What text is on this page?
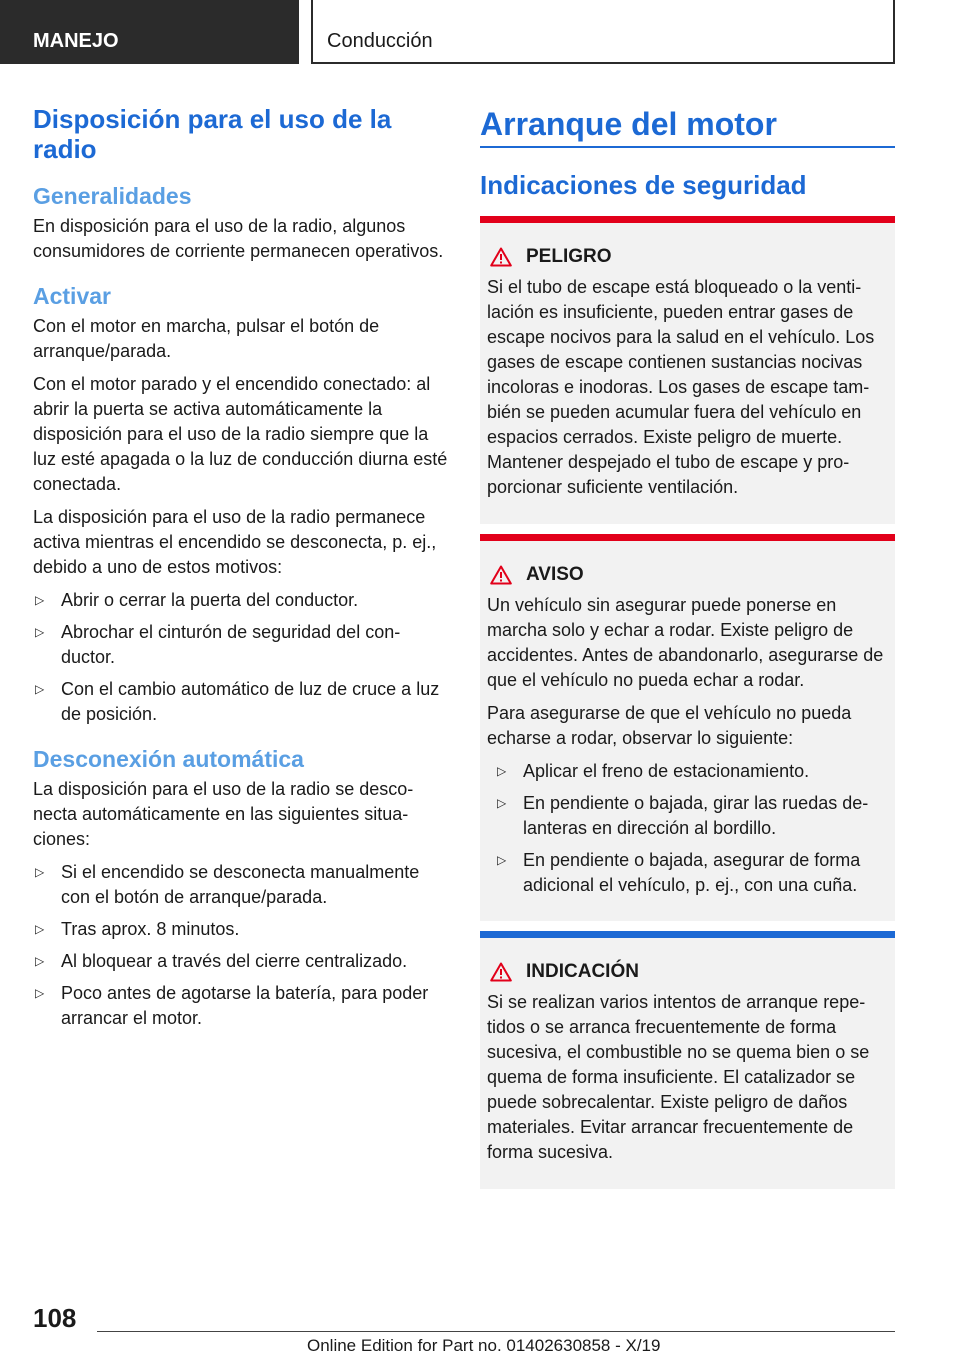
MANEJO	Conducción
Disposición para el uso de la radio
Generalidades

En disposición para el uso de la radio, algunos consumidores de corriente permanecen operativos.

Activar

Con el motor en marcha, pulsar el botón de arranque/parada.

Con el motor parado y el encendido conectado: al abrir la puerta se activa automáticamente la disposición para el uso de la radio siempre que la luz esté apagada o la luz de conducción diurna esté conectada.

La disposición para el uso de la radio permanece activa mientras el encendido se desconecta, p. ej., debido a uno de estos motivos:

▷ Abrir o cerrar la puerta del conductor.
▷ Abrochar el cinturón de seguridad del conductor.
▷ Con el cambio automático de luz de cruce a luz de posición.
Desconexión automática

La disposición para el uso de la radio se desconecta automáticamente en las siguientes situaciones:

▷ Si el encendido se desconecta manualmente con el botón de arranque/parada.
▷ Tras aprox. 8 minutos.
▷ Al bloquear a través del cierre centralizado.
▷ Poco antes de agotarse la batería, para poder arrancar el motor.
Arranque del motor
Indicaciones de seguridad
PELIGRO

Si el tubo de escape está bloqueado o la ventilación es insuficiente, pueden entrar gases de escape nocivos para la salud en el vehículo. Los gases de escape contienen sustancias nocivas incoloras e inodoras. Los gases de escape también se pueden acumular fuera del vehículo en espacios cerrados. Existe peligro de muerte. Mantener despejado el tubo de escape y proporcionar suficiente ventilación.

AVISO

Un vehículo sin asegurar puede ponerse en marcha solo y echar a rodar. Existe peligro de accidentes. Antes de abandonarlo, asegurarse de que el vehículo no pueda echar a rodar.

Para asegurarse de que el vehículo no pueda echarse a rodar, observar lo siguiente:

▷ Aplicar el freno de estacionamiento.
▷ En pendiente o bajada, girar las ruedas delanteras en dirección al bordillo.
▷ En pendiente o bajada, asegurar de forma adicional el vehículo, p. ej., con una cuña.
INDICACIÓN

Si se realizan varios intentos de arranque repetidos o se arranca frecuentemente de forma sucesiva, el combustible no se quema bien o se quema de forma insuficiente. El catalizador se puede sobrecalentar. Existe peligro de daños materiales. Evitar arrancar frecuentemente de forma sucesiva.

108
Online Edition for Part no. 01402630858 - X/19
